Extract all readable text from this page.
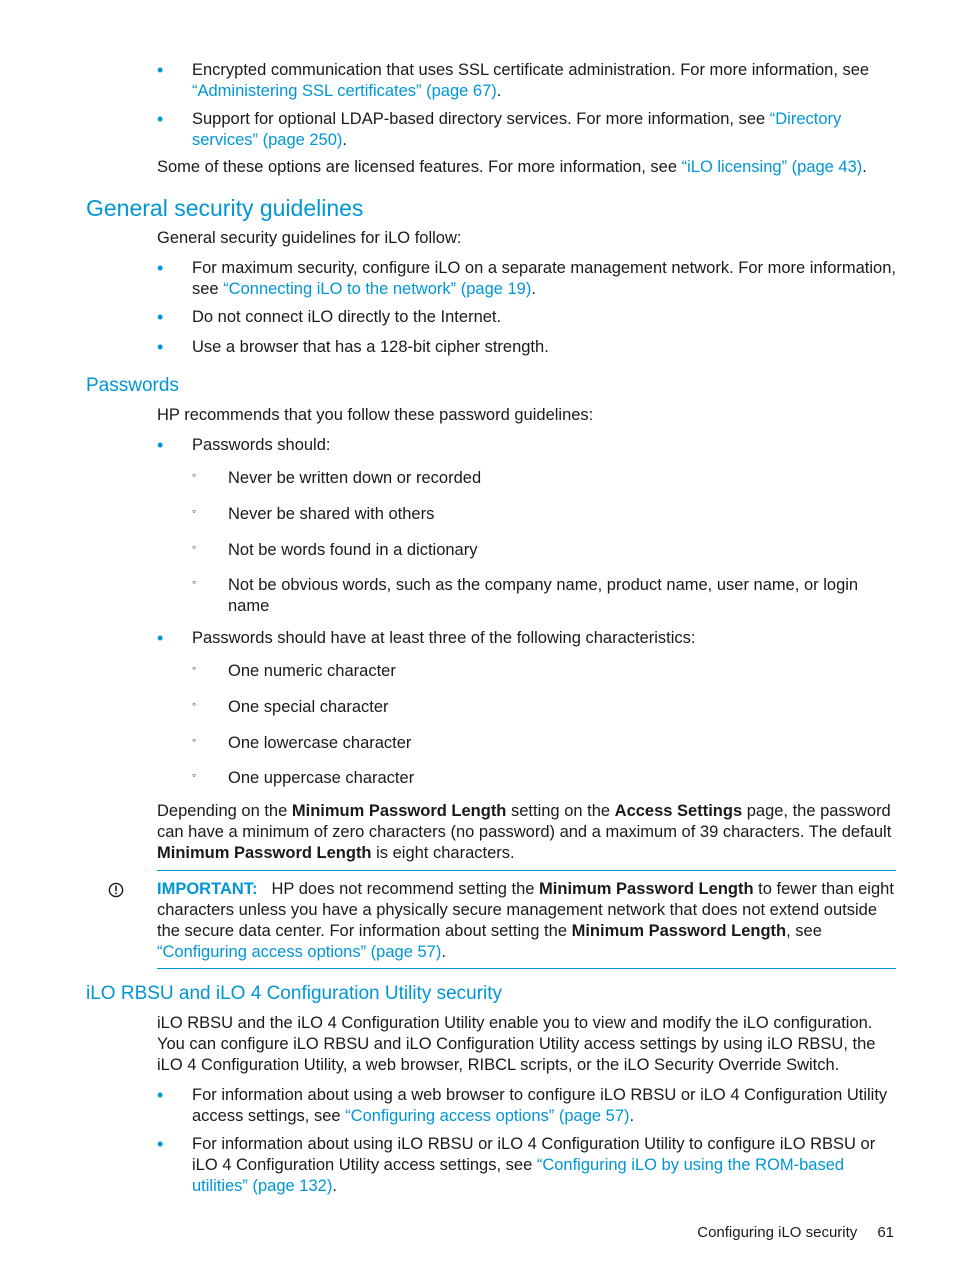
• Encrypted communication that uses SSL certificate administration. For more information, see “Administering SSL certificates” (page 67).
• Support for optional LDAP-based directory services. For more information, see “Directory services” (page 250).
Some of these options are licensed features. For more information, see “iLO licensing” (page 43).
General security guidelines
General security guidelines for iLO follow:
• For maximum security, configure iLO on a separate management network. For more information, see “Connecting iLO to the network” (page 19).
• Do not connect iLO directly to the Internet.
• Use a browser that has a 128-bit cipher strength.
Passwords
HP recommends that you follow these password guidelines:
• Passwords should:
◦ Never be written down or recorded
◦ Never be shared with others
◦ Not be words found in a dictionary
◦ Not be obvious words, such as the company name, product name, user name, or login name
• Passwords should have at least three of the following characteristics:
◦ One numeric character
◦ One special character
◦ One lowercase character
◦ One uppercase character
Depending on the Minimum Password Length setting on the Access Settings page, the password can have a minimum of zero characters (no password) and a maximum of 39 characters. The default Minimum Password Length is eight characters.
IMPORTANT: HP does not recommend setting the Minimum Password Length to fewer than eight characters unless you have a physically secure management network that does not extend outside the secure data center. For information about setting the Minimum Password Length, see “Configuring access options” (page 57).
iLO RBSU and iLO 4 Configuration Utility security
iLO RBSU and the iLO 4 Configuration Utility enable you to view and modify the iLO configuration. You can configure iLO RBSU and iLO Configuration Utility access settings by using iLO RBSU, the iLO 4 Configuration Utility, a web browser, RIBCL scripts, or the iLO Security Override Switch.
• For information about using a web browser to configure iLO RBSU or iLO 4 Configuration Utility access settings, see “Configuring access options” (page 57).
• For information about using iLO RBSU or iLO 4 Configuration Utility to configure iLO RBSU or iLO 4 Configuration Utility access settings, see “Configuring iLO by using the ROM-based utilities” (page 132).
Configuring iLO security 61
